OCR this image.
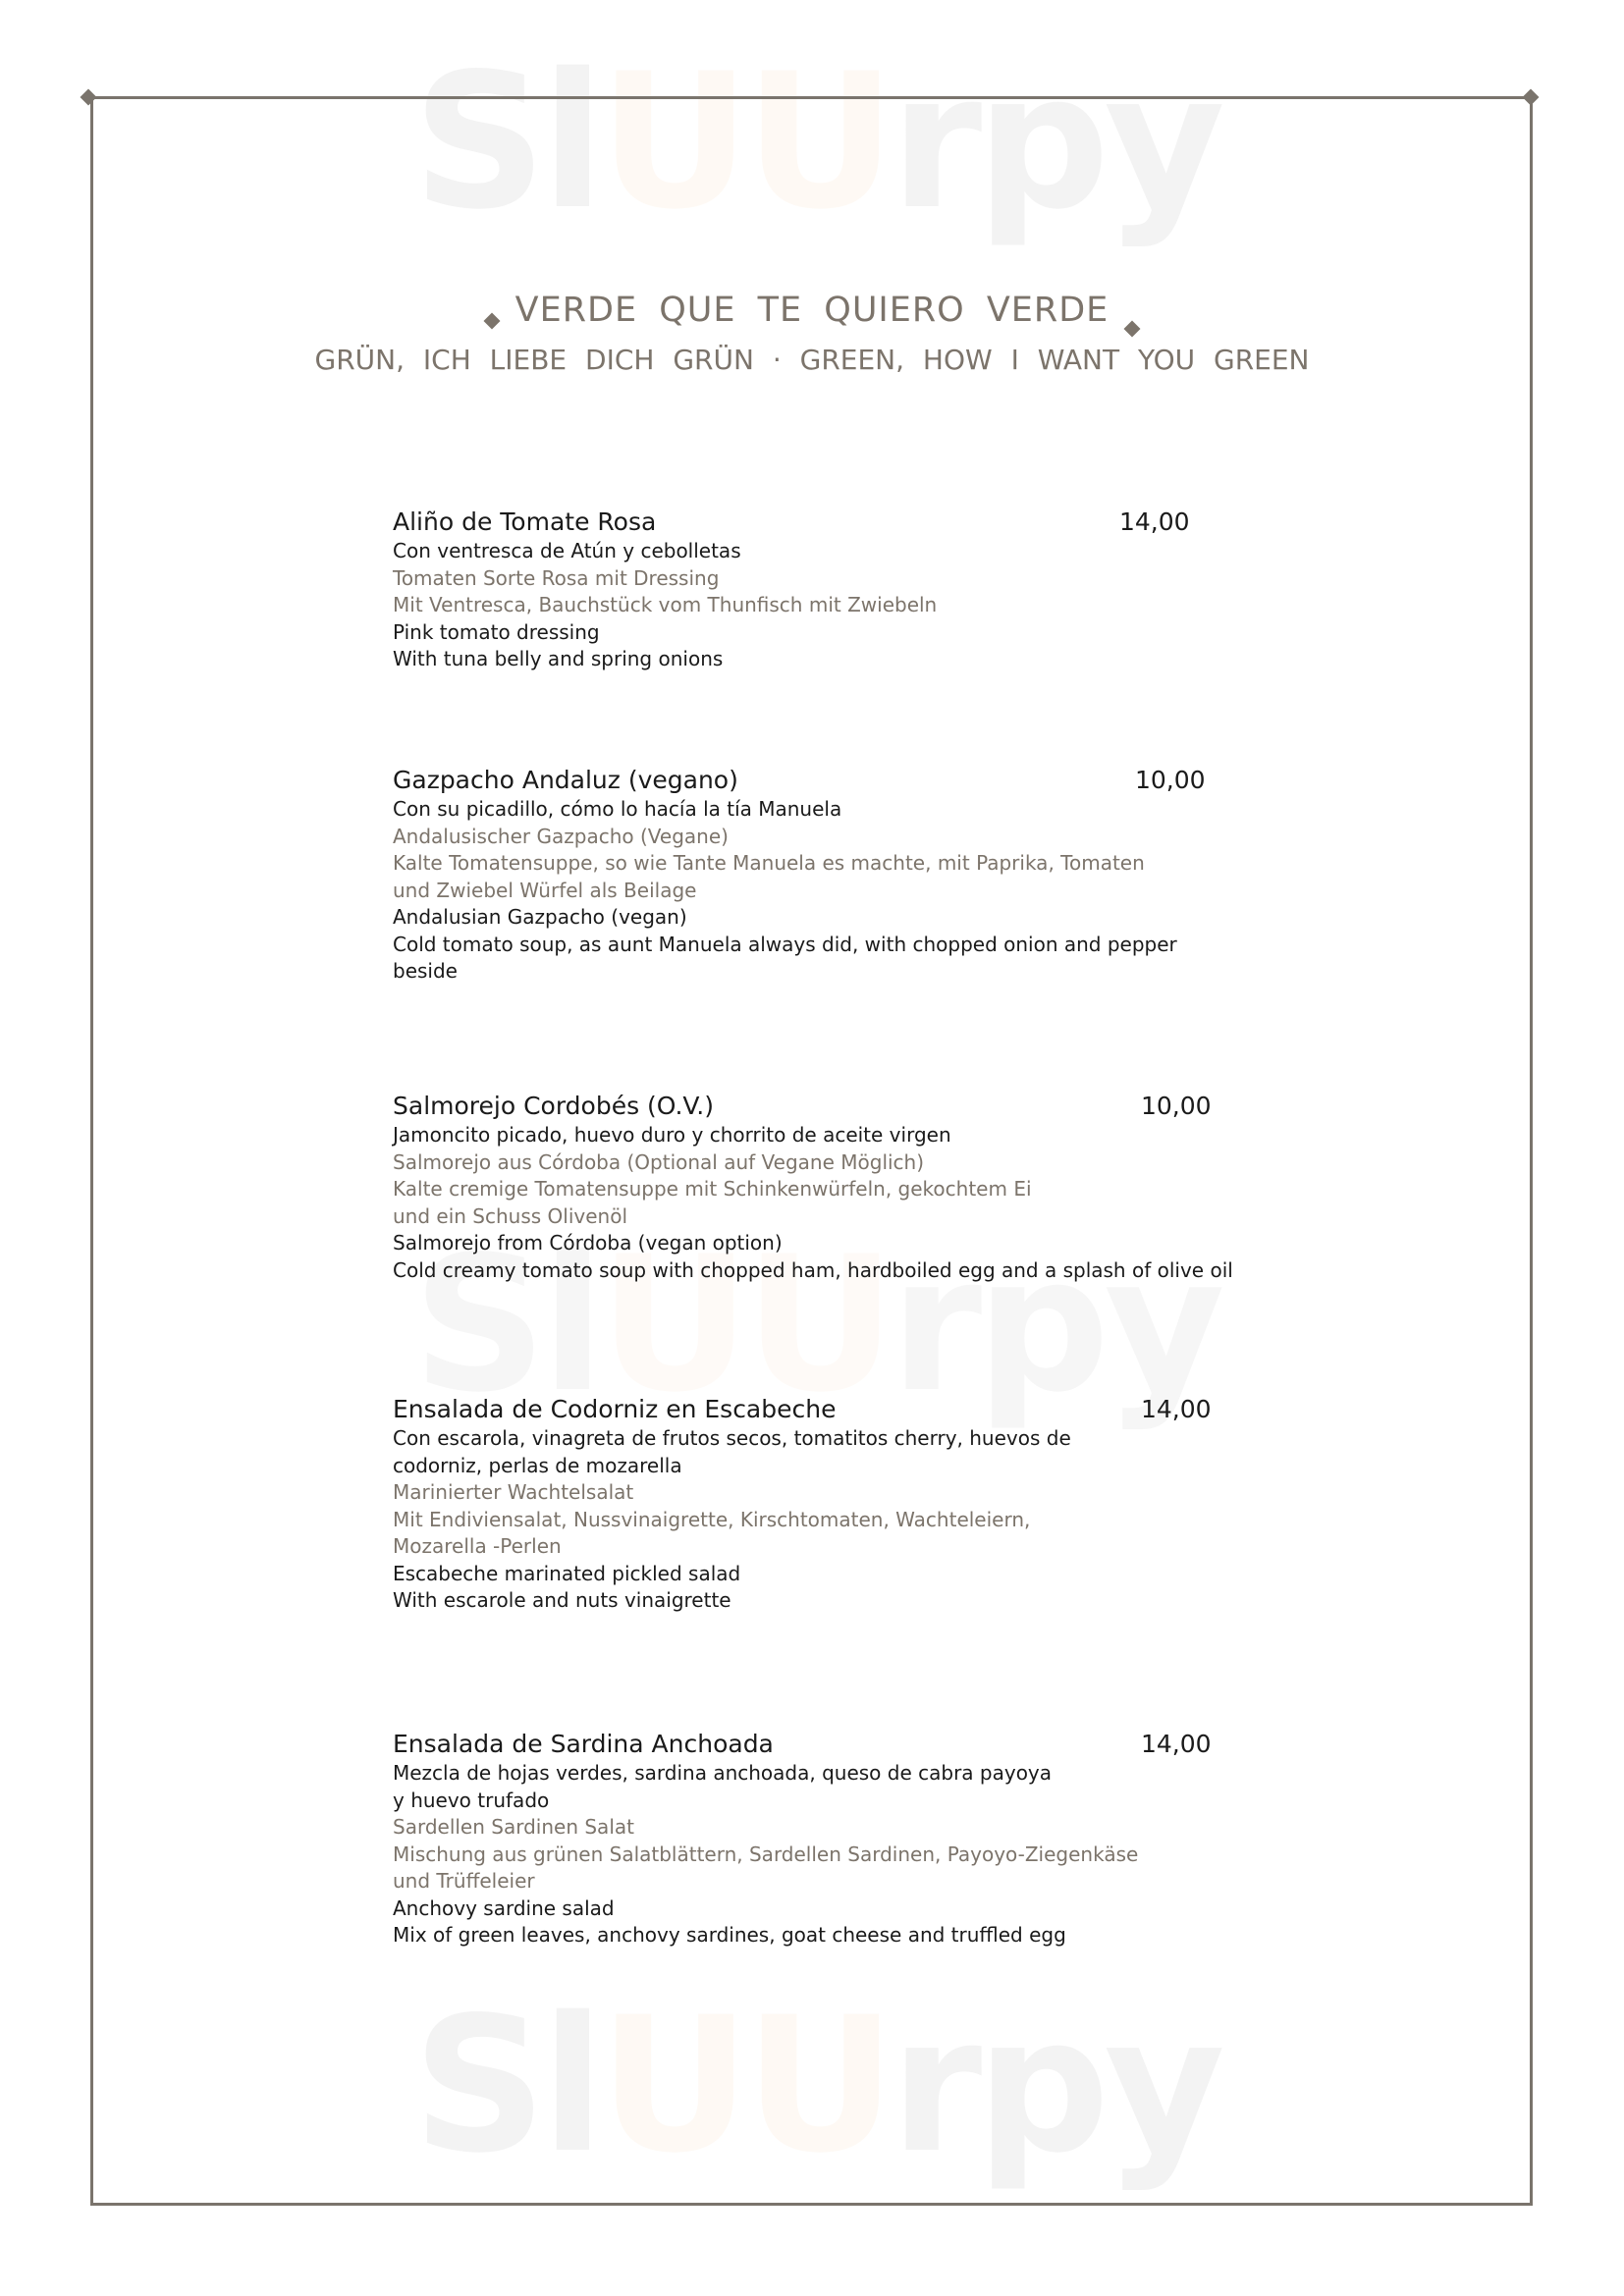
VERDE QUE TE QUIERO VERDE
GRÜN, ICH LIEBE DICH GRÜN · GREEN, HOW I WANT YOU GREEN
Aliño de Tomate Rosa	14,00
Con ventresca de Atún y cebolletas
Tomaten Sorte Rosa mit Dressing
Mit Ventresca, Bauchstück vom Thunfisch mit Zwiebeln
Pink tomato dressing
With tuna belly and spring onions
Gazpacho Andaluz (vegano)	10,00
Con su picadillo, cómo lo hacía la tía Manuela
Andalusischer Gazpacho (Vegane)
Kalte Tomatensuppe, so wie Tante Manuela es machte, mit Paprika, Tomaten
und Zwiebel Würfel als Beilage
Andalusian Gazpacho (vegan)
Cold tomato soup, as aunt Manuela always did, with chopped onion and pepper
beside
Salmorejo Cordobés (O.V.)	10,00
Jamoncito picado, huevo duro y chorrito de aceite virgen
Salmorejo aus Córdoba (Optional auf Vegane Möglich)
Kalte cremige Tomatensuppe mit Schinkenwürfeln, gekochtem Ei
und ein Schuss Olivenöl
Salmorejo from Córdoba (vegan option)
Cold creamy tomato soup with chopped ham, hardboiled egg and a splash of olive oil
Ensalada de Codorniz en Escabeche	14,00
Con escarola, vinagreta de frutos secos, tomatitos cherry, huevos de
codorniz, perlas de mozarella
Marinierter Wachtelsalat
Mit Endiviensalat, Nussvinaigrette, Kirschtomaten, Wachteleiern,
Mozarella -Perlen
Escabeche marinated pickled salad
With escarole and nuts vinaigrette
Ensalada de Sardina Anchoada	14,00
Mezcla de hojas verdes, sardina anchoada, queso de cabra payoya
y huevo trufado
Sardellen Sardinen Salat
Mischung aus grünen Salatblättern, Sardellen Sardinen, Payoyo-Ziegenkäse
und Trüffeleier
Anchovy sardine salad
Mix of green leaves, anchovy sardines, goat cheese and truffled egg
